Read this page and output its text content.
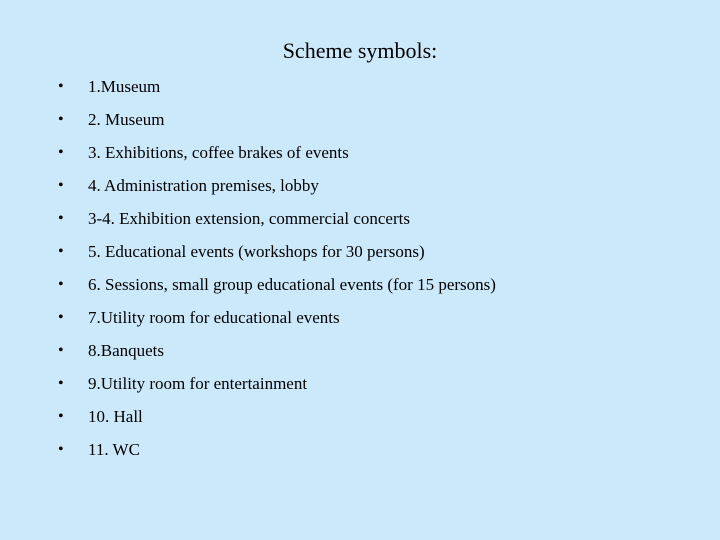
Scheme symbols:
•	1.Museum
•	2. Museum
•	3. Exhibitions, coffee brakes of events
•	4. Administration premises, lobby
•	3-4. Exhibition extension, commercial concerts
•	5. Educational events (workshops for 30 persons)
•	6. Sessions, small group educational events (for 15 persons)
•	7.Utility room for educational events
•	8.Banquets
•	9.Utility room for entertainment
•	10. Hall
•	11. WC
